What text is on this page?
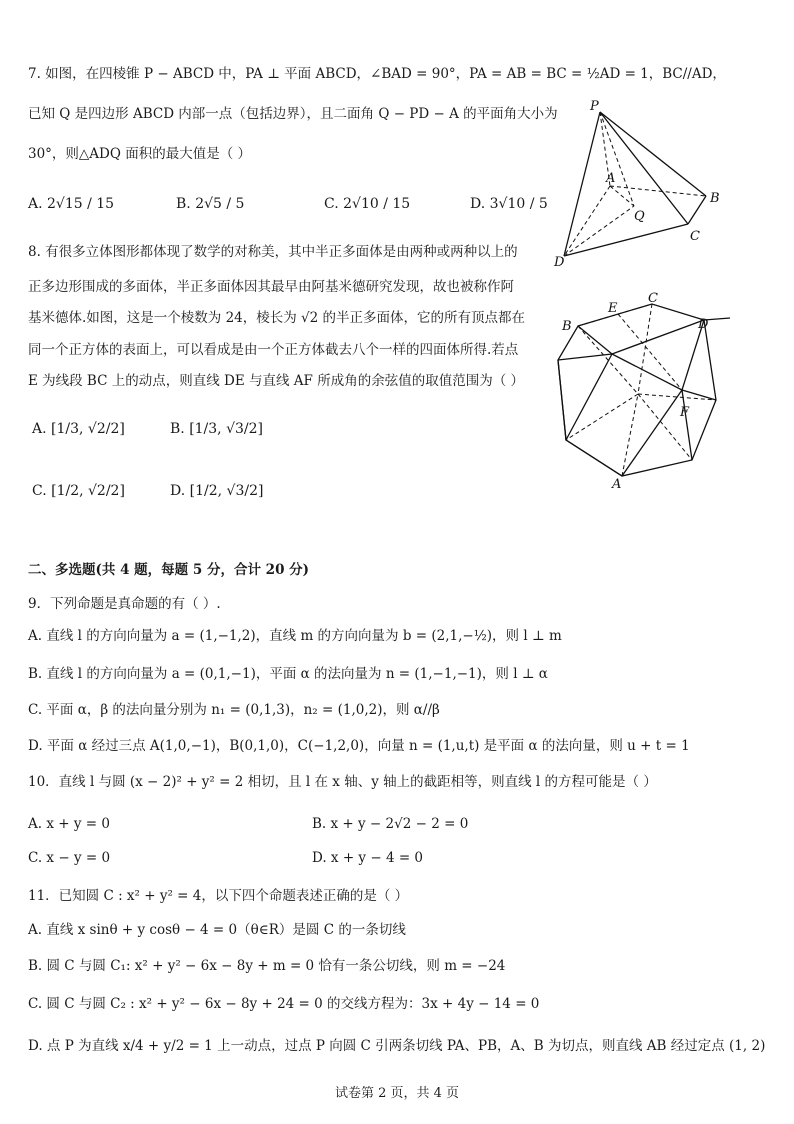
7. 如图，在四棱锥 P − ABCD 中，PA ⊥ 平面 ABCD，∠BAD = 90°，PA = AB = BC = ½AD = 1，BC//AD，
已知 Q 是四边形 ABCD 内部一点（包括边界），且二面角 Q − PD − A 的平面角大小为
30°，则△ADQ 面积的最大值是（ ）
A. 2√15 / 15	B. 2√5 / 5	C. 2√10 / 15	D. 3√10 / 5
P
A
Q
B
C
D
8. 有很多立体图形都体现了数学的对称美，其中半正多面体是由两种或两种以上的
正多边形围成的多面体，半正多面体因其最早由阿基米德研究发现，故也被称作阿
基米德体.如图，这是一个棱数为 24，棱长为 √2 的半正多面体，它的所有顶点都在
同一个正方体的表面上，可以看成是由一个正方体截去八个一样的四面体所得.若点
E 为线段 BC 上的动点，则直线 DE 与直线 AF 所成角的余弦值的取值范围为（ ）
A. [1/3, √2/2]	B. [1/3, √3/2]
C. [1/2, √2/2]	D. [1/2, √3/2]
E
C
B	D
F
A
二、多选题(共 4 题，每题 5 分，合计 20 分)
9．下列命题是真命题的有（ ）.
A. 直线 l 的方向向量为 a = (1,−1,2)，直线 m 的方向向量为 b = (2,1,−½)，则 l ⊥ m
B. 直线 l 的方向向量为 a = (0,1,−1)，平面 α 的法向量为 n = (1,−1,−1)，则 l ⊥ α
C. 平面 α，β 的法向量分别为 n₁ = (0,1,3)，n₂ = (1,0,2)，则 α//β
D. 平面 α 经过三点 A(1,0,−1)，B(0,1,0)，C(−1,2,0)，向量 n = (1,u,t) 是平面 α 的法向量，则 u + t = 1
10．直线 l 与圆 (x − 2)² + y² = 2 相切，且 l 在 x 轴、y 轴上的截距相等，则直线 l 的方程可能是（ ）
A. x + y = 0	B. x + y − 2√2 − 2 = 0
C. x − y = 0	D. x + y − 4 = 0
11．已知圆 C : x² + y² = 4，以下四个命题表述正确的是（ ）
A. 直线 x sinθ + y cosθ − 4 = 0（θ∈R）是圆 C 的一条切线
B. 圆 C 与圆 C₁: x² + y² − 6x − 8y + m = 0 恰有一条公切线，则 m = −24
C. 圆 C 与圆 C₂ : x² + y² − 6x − 8y + 24 = 0 的交线方程为：3x + 4y − 14 = 0
D. 点 P 为直线 x/4 + y/2 = 1 上一动点，过点 P 向圆 C 引两条切线 PA、PB，A、B 为切点，则直线 AB 经过定点 (1, 2)
试卷第 2 页，共 4 页
